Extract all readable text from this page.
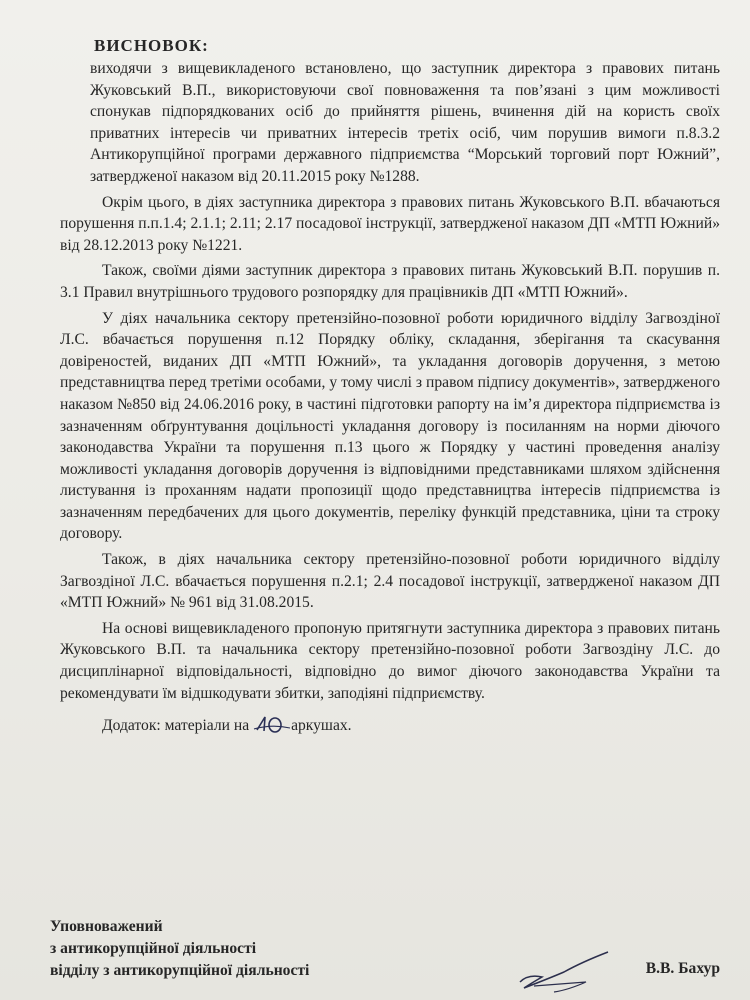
ВИСНОВОК:

виходячи з вищевикладеного встановлено, що заступник директора з правових питань Жуковський В.П., використовуючи свої повноваження та пов’язані з цим можливості спонукав підпорядкованих осіб до прийняття рішень, вчинення дій на користь своїх приватних інтересів чи приватних інтересів третіх осіб, чим порушив вимоги п.8.3.2 Антикорупційної програми державного підприємства “Морський торговий порт Южний”, затвердженої наказом від 20.11.2015 року №1288.

Окрім цього, в діях заступника директора з правових питань Жуковського В.П. вбачаються порушення п.п.1.4; 2.1.1; 2.11; 2.17 посадової інструкції, затвердженої наказом ДП «МТП Южний» від 28.12.2013 року №1221.

Також, своїми діями заступник директора з правових питань Жуковський В.П. порушив п. 3.1 Правил внутрішнього трудового розпорядку для працівників ДП «МТП Южний».

У діях начальника сектору претензійно-позовної роботи юридичного відділу Загвоздіної Л.С. вбачається порушення п.12 Порядку обліку, складання, зберігання та скасування довіреностей, виданих ДП «МТП Южний», та укладання договорів доручення, з метою представництва перед третіми особами, у тому числі з правом підпису документів», затвердженого наказом №850 від 24.06.2016 року, в частині підготовки рапорту на ім’я директора підприємства із зазначенням обґрунтування доцільності укладання договору із посиланням на норми діючого законодавства України та порушення п.13 цього ж Порядку у частині проведення аналізу можливості укладання договорів доручення із відповідними представниками шляхом здійснення листування із проханням надати пропозиції щодо представництва інтересів підприємства із зазначенням передбачених для цього документів, переліку функцій представника, ціни та строку договору.

Також, в діях начальника сектору претензійно-позовної роботи юридичного відділу Загвоздіної Л.С. вбачається порушення п.2.1; 2.4 посадової інструкції, затвердженої наказом ДП «МТП Южний» № 961 від 31.08.2015.

На основі вищевикладеного пропоную притягнути заступника директора з правових питань Жуковського В.П. та начальника сектору претензійно-позовної роботи Загвоздіну Л.С. до дисциплінарної відповідальності, відповідно до вимог діючого законодавства України та рекомендувати їм відшкодувати збитки, заподіяні підприємству.

Додаток: матеріали на	аркушах.
Уповноважений
з антикорупційної діяльності
відділу з антикорупційної діяльності	В.В. Бахур
